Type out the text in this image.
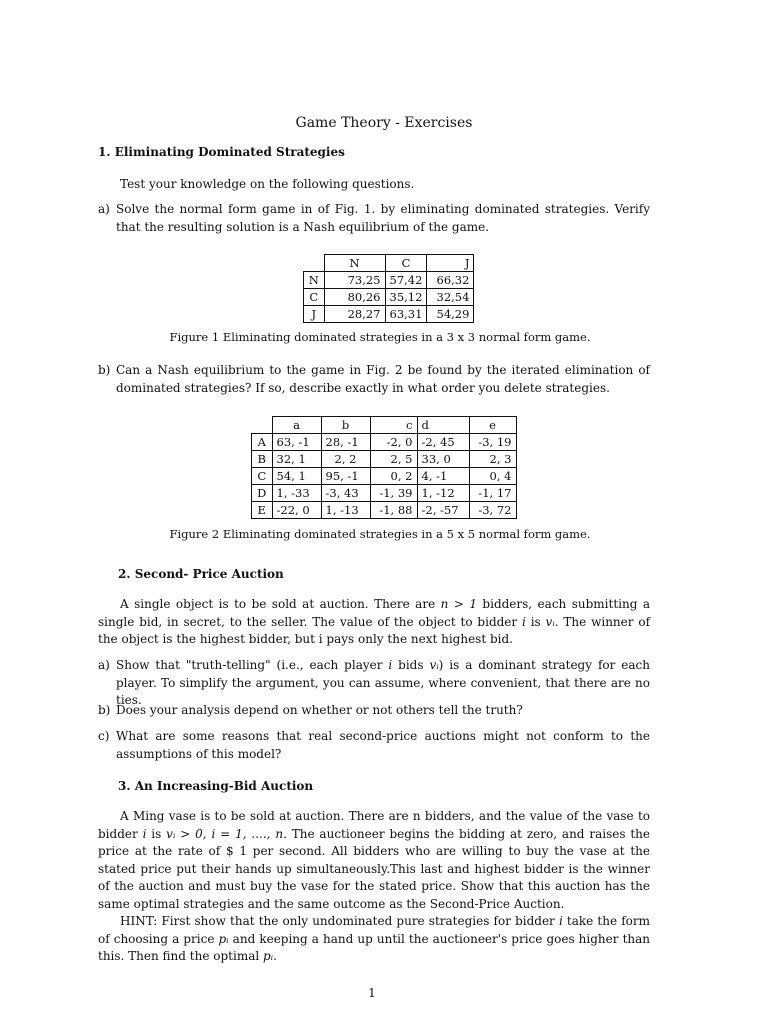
Game Theory - Exercises
1. Eliminating Dominated Strategies
Test your knowledge on the following questions.
a) Solve the normal form game in of Fig. 1. by eliminating dominated strategies. Verify that the resulting solution is a Nash equilibrium of the game.
	N	C	J
N	73,25	57,42	66,32
C	80,26	35,12	32,54
J	28,27	63,31	54,29
Figure 1 Eliminating dominated strategies in a 3 x 3 normal form game.
b) Can a Nash equilibrium to the game in Fig. 2 be found by the iterated elimination of dominated strategies? If so, describe exactly in what order you delete strategies.
	a	b	c	d	e
A	63, -1	28, -1	-2, 0	-2, 45	-3, 19
B	32, 1	2, 2	2, 5	33, 0	2, 3
C	54, 1	95, -1	0, 2	4, -1	0, 4
D	1, -33	-3, 43	-1, 39	1, -12	-1, 17
E	-22, 0	1, -13	-1, 88	-2, -57	-3, 72
Figure 2 Eliminating dominated strategies in a 5 x 5 normal form game.
2. Second- Price Auction
A single object is to be sold at auction. There are n > 1 bidders, each submitting a single bid, in secret, to the seller. The value of the object to bidder i is vᵢ. The winner of the object is the highest bidder, but i pays only the next highest bid.
a) Show that "truth-telling" (i.e., each player i bids vᵢ) is a dominant strategy for each player. To simplify the argument, you can assume, where convenient, that there are no ties.
b) Does your analysis depend on whether or not others tell the truth?
c) What are some reasons that real second-price auctions might not conform to the assumptions of this model?
3. An Increasing-Bid Auction
A Ming vase is to be sold at auction. There are n bidders, and the value of the vase to bidder i is vᵢ > 0, i = 1, ...., n. The auctioneer begins the bidding at zero, and raises the price at the rate of $ 1 per second. All bidders who are willing to buy the vase at the stated price put their hands up simultaneously.This last and highest bidder is the winner of the auction and must buy the vase for the stated price. Show that this auction has the same optimal strategies and the same outcome as the Second-Price Auction.
HINT: First show that the only undominated pure strategies for bidder i take the form of choosing a price pᵢ and keeping a hand up until the auctioneer's price goes higher than this. Then find the optimal pᵢ.
1
